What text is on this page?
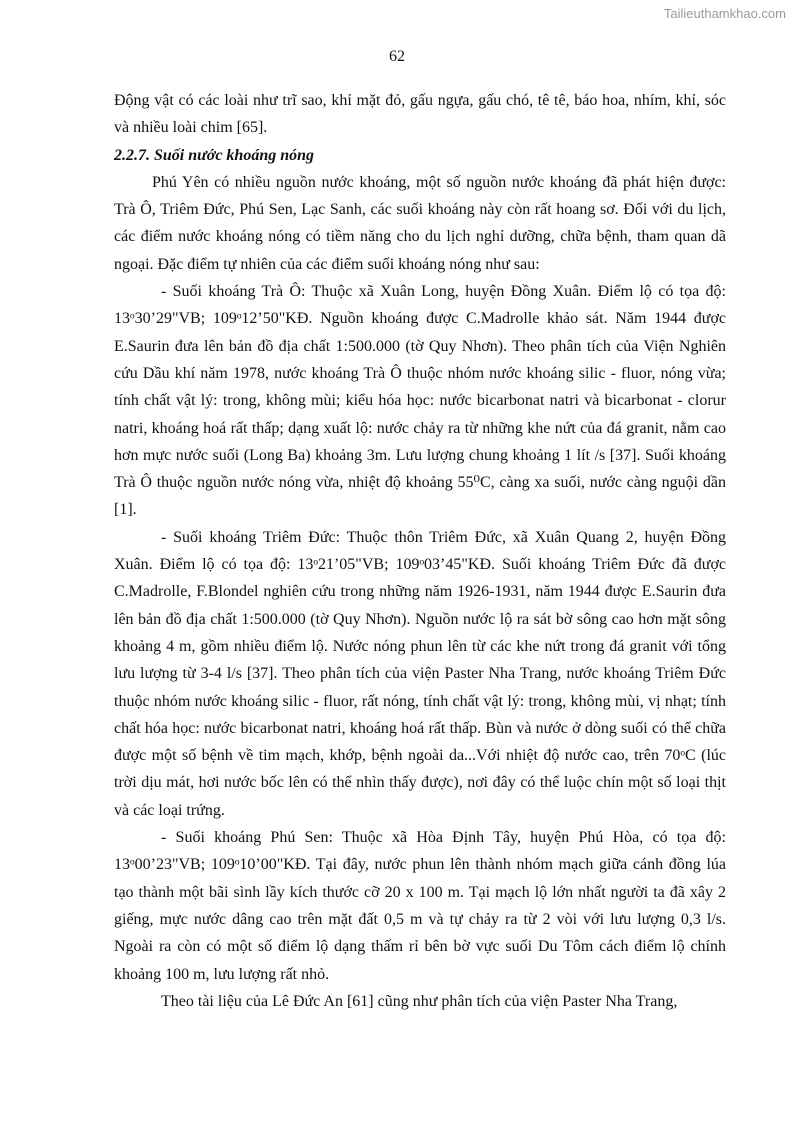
Tailieuthamkhao.com
62

Động vật có các loài như trĩ sao, khỉ mặt đỏ, gấu ngựa, gấu chó, tê tê, báo hoa, nhím, khỉ, sóc và nhiều loài chim [65].

2.2.7. Suối nước khoáng nóng

Phú Yên có nhiều nguồn nước khoáng, một số nguồn nước khoáng đã phát hiện được: Trà Ô, Triêm Đức, Phú Sen, Lạc Sanh, các suối khoáng này còn rất hoang sơ. Đối với du lịch, các điểm nước khoáng nóng có tiềm năng cho du lịch nghỉ dưỡng, chữa bệnh, tham quan dã ngoại. Đặc điểm tự nhiên của các điểm suối khoáng nóng như sau:

- Suối khoáng Trà Ô: Thuộc xã Xuân Long, huyện Đồng Xuân. Điểm lộ có tọa độ: 13ᵒ30’29"VB; 109ᵒ12’50"KĐ. Nguồn khoáng được C.Madrolle khảo sát. Năm 1944 được E.Saurin đưa lên bản đồ địa chất 1:500.000 (tờ Quy Nhơn). Theo phân tích của Viện Nghiên cứu Dầu khí năm 1978, nước khoáng Trà Ô thuộc nhóm nước khoáng silic - fluor, nóng vừa; tính chất vật lý: trong, không mùi; kiểu hóa học: nước bicarbonat natri và bicarbonat - clorur natri, khoáng hoá rất thấp; dạng xuất lộ: nước chảy ra từ những khe nứt của đá granit, nằm cao hơn mực nước suối (Long Ba) khoảng 3m. Lưu lượng chung khoảng 1 lít /s [37]. Suối khoáng Trà Ô thuộc nguồn nước nóng vừa, nhiệt độ khoảng 55⁰C, càng xa suối, nước càng nguội dần [1].

- Suối khoáng Triêm Đức: Thuộc thôn Triêm Đức, xã Xuân Quang 2, huyện Đồng Xuân. Điểm lộ có tọa độ: 13ᵒ21’05"VB; 109ᵒ03’45"KĐ. Suối khoáng Triêm Đức đã được C.Madrolle, F.Blondel nghiên cứu trong những năm 1926-1931, năm 1944 được E.Saurin đưa lên bản đồ địa chất 1:500.000 (tờ Quy Nhơn). Nguồn nước lộ ra sát bờ sông cao hơn mặt sông khoảng 4 m, gồm nhiều điểm lộ. Nước nóng phun lên từ các khe nứt trong đá granit với tổng lưu lượng từ 3-4 l/s [37]. Theo phân tích của viện Paster Nha Trang, nước khoáng Triêm Đức thuộc nhóm nước khoáng silic - fluor, rất nóng, tính chất vật lý: trong, không mùi, vị nhạt; tính chất hóa học: nước bicarbonat natri, khoáng hoá rất thấp. Bùn và nước ở dòng suối có thể chữa được một số bệnh về tim mạch, khớp, bệnh ngoài da...Với nhiệt độ nước cao, trên 70ᵒC (lúc trời dịu mát, hơi nước bốc lên có thể nhìn thấy được), nơi đây có thể luộc chín một số loại thịt và các loại trứng.

- Suối khoáng Phú Sen: Thuộc xã Hòa Định Tây, huyện Phú Hòa, có tọa độ: 13ᵒ00’23"VB; 109ᵒ10’00"KĐ. Tại đây, nước phun lên thành nhóm mạch giữa cánh đồng lúa tạo thành một bãi sình lầy kích thước cỡ 20 x 100 m. Tại mạch lộ lớn nhất người ta đã xây 2 giếng, mực nước dâng cao trên mặt đất 0,5 m và tự chảy ra từ 2 vòi với lưu lượng 0,3 l/s. Ngoài ra còn có một số điểm lộ dạng thấm rỉ bên bờ vực suối Du Tôm cách điểm lộ chính khoảng 100 m, lưu lượng rất nhỏ.

Theo tài liệu của Lê Đức An [61] cũng như phân tích của viện Paster Nha Trang,
